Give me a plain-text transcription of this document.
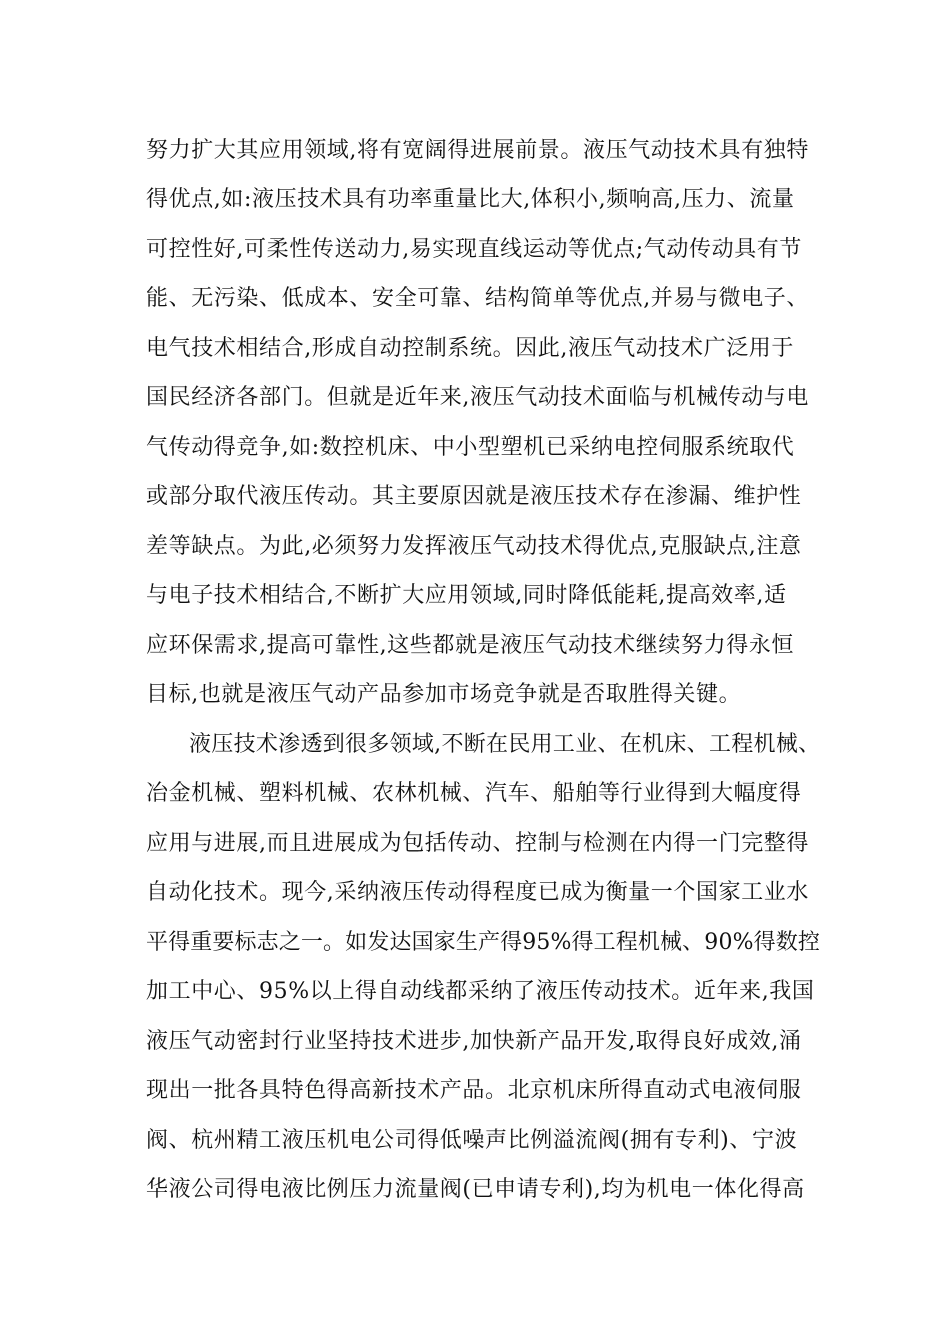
努力扩大其应用领域,将有宽阔得进展前景。液压气动技术具有独特
得优点,如:液压技术具有功率重量比大,体积小,频响高,压力、流量
可控性好,可柔性传送动力,易实现直线运动等优点;气动传动具有节
能、无污染、低成本、安全可靠、结构简单等优点,并易与微电子、
电气技术相结合,形成自动控制系统。因此,液压气动技术广泛用于
国民经济各部门。但就是近年来,液压气动技术面临与机械传动与电
气传动得竞争,如:数控机床、中小型塑机已采纳电控伺服系统取代
或部分取代液压传动。其主要原因就是液压技术存在渗漏、维护性
差等缺点。为此,必须努力发挥液压气动技术得优点,克服缺点,注意
与电子技术相结合,不断扩大应用领域,同时降低能耗,提高效率,适
应环保需求,提高可靠性,这些都就是液压气动技术继续努力得永恒
目标,也就是液压气动产品参加市场竞争就是否取胜得关键。
液压技术渗透到很多领域,不断在民用工业、在机床、工程机械、
冶金机械、塑料机械、农林机械、汽车、船舶等行业得到大幅度得
应用与进展,而且进展成为包括传动、控制与检测在内得一门完整得
自动化技术。现今,采纳液压传动得程度已成为衡量一个国家工业水
平得重要标志之一。如发达国家生产得95%得工程机械、90%得数控
加工中心、95%以上得自动线都采纳了液压传动技术。近年来,我国
液压气动密封行业坚持技术进步,加快新产品开发,取得良好成效,涌
现出一批各具特色得高新技术产品。北京机床所得直动式电液伺服
阀、杭州精工液压机电公司得低噪声比例溢流阀(拥有专利)、宁波
华液公司得电液比例压力流量阀(已申请专利),均为机电一体化得高
